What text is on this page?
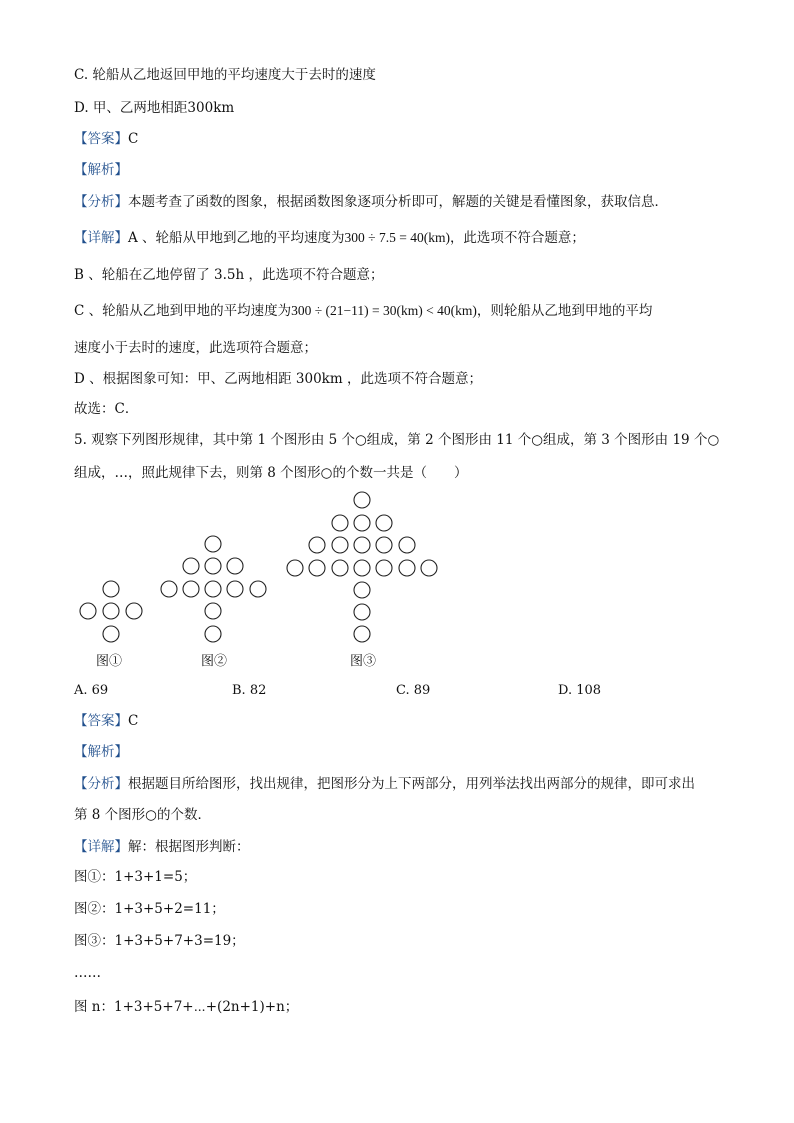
C. 轮船从乙地返回甲地的平均速度大于去时的速度
D. 甲、乙两地相距300km
【答案】C
【解析】
【分析】本题考查了函数的图象，根据函数图象逐项分析即可，解题的关键是看懂图象，获取信息．
【详解】A 、轮船从甲地到乙地的平均速度为300 ÷ 7.5 = 40(km)，此选项不符合题意；
B 、轮船在乙地停留了 3.5h ，此选项不符合题意；
C 、轮船从乙地到甲地的平均速度为300 ÷ (21−11) = 30(km) < 40(km)，则轮船从乙地到甲地的平均
速度小于去时的速度，此选项符合题意；
D 、根据图象可知：甲、乙两地相距 300km ，此选项不符合题意；
故选：C．
5. 观察下列图形规律，其中第 1 个图形由 5 个○组成，第 2 个图形由 11 个○组成，第 3 个图形由 19 个○
组成，…，照此规律下去，则第 8 个图形○的个数一共是（　　）
图①	图②	图③
A. 69	B. 82	C. 89	D. 108
【答案】C
【解析】
【分析】根据题目所给图形，找出规律，把图形分为上下两部分，用列举法找出两部分的规律，即可求出
第 8 个图形○的个数．
【详解】解：根据图形判断：
图①：1+3+1=5；
图②：1+3+5+2=11；
图③：1+3+5+7+3=19；
……
图 n：1+3+5+7+⋯+(2n+1)+n；
